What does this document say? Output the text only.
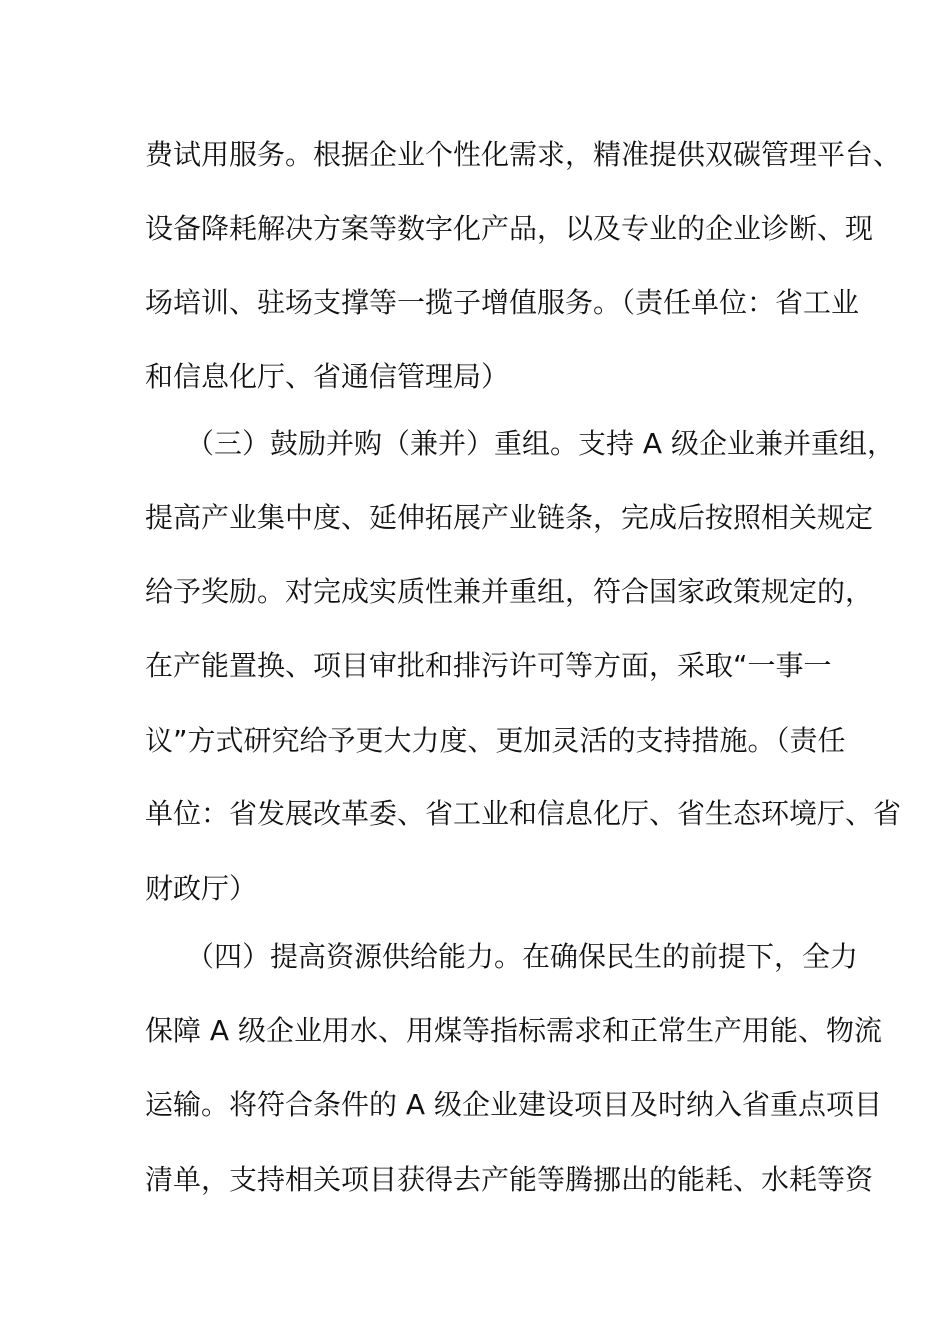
费试用服务。根据企业个性化需求，精准提供双碳管理平台、
设备降耗解决方案等数字化产品，以及专业的企业诊断、现
场培训、驻场支撑等一揽子增值服务。（责任单位：省工业
和信息化厅、省通信管理局）
（三）鼓励并购（兼并）重组。支持 A 级企业兼并重组，
提高产业集中度、延伸拓展产业链条，完成后按照相关规定
给予奖励。对完成实质性兼并重组，符合国家政策规定的，
在产能置换、项目审批和排污许可等方面，采取“一事一
议”方式研究给予更大力度、更加灵活的支持措施。（责任
单位：省发展改革委、省工业和信息化厅、省生态环境厅、省
财政厅）
（四）提高资源供给能力。在确保民生的前提下，全力
保障 A 级企业用水、用煤等指标需求和正常生产用能、物流
运输。将符合条件的 A 级企业建设项目及时纳入省重点项目
清单，支持相关项目获得去产能等腾挪出的能耗、水耗等资
